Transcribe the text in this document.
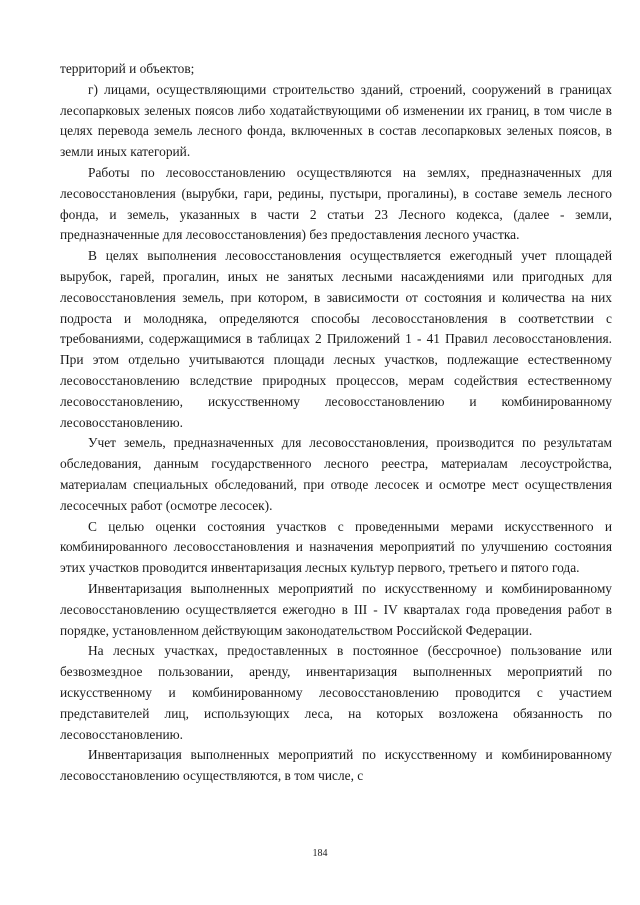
территорий и объектов;

г) лицами, осуществляющими строительство зданий, строений, сооружений в границах лесопарковых зеленых поясов либо ходатайствующими об изменении их границ, в том числе в целях перевода земель лесного фонда, включенных в состав лесопарковых зеленых поясов, в земли иных категорий.

Работы по лесовосстановлению осуществляются на землях, предназначенных для лесовосстановления (вырубки, гари, редины, пустыри, прогалины), в составе земель лесного фонда, и земель, указанных в части 2 статьи 23 Лесного кодекса, (далее - земли, предназначенные для лесовосстановления) без предоставления лесного участка.

В целях выполнения лесовосстановления осуществляется ежегодный учет площадей вырубок, гарей, прогалин, иных не занятых лесными насаждениями или пригодных для лесовосстановления земель, при котором, в зависимости от состояния и количества на них подроста и молодняка, определяются способы лесовосстановления в соответствии с требованиями, содержащимися в таблицах 2 Приложений 1 - 41 Правил лесовосстановления. При этом отдельно учитываются площади лесных участков, подлежащие естественному лесовосстановлению вследствие природных процессов, мерам содействия естественному лесовосстановлению, искусственному лесовосстановлению и комбинированному лесовосстановлению.

Учет земель, предназначенных для лесовосстановления, производится по результатам обследования, данным государственного лесного реестра, материалам лесоустройства, материалам специальных обследований, при отводе лесосек и осмотре мест осуществления лесосечных работ (осмотре лесосек).

С целью оценки состояния участков с проведенными мерами искусственного и комбинированного лесовосстановления и назначения мероприятий по улучшению состояния этих участков проводится инвентаризация лесных культур первого, третьего и пятого года.

Инвентаризация выполненных мероприятий по искусственному и комбинированному лесовосстановлению осуществляется ежегодно в III - IV кварталах года проведения работ в порядке, установленном действующим законодательством Российской Федерации.

На лесных участках, предоставленных в постоянное (бессрочное) пользование или безвозмездное пользовании, аренду, инвентаризация выполненных мероприятий по искусственному и комбинированному лесовосстановлению проводится с участием представителей лиц, использующих леса, на которых возложена обязанность по лесовосстановлению.

Инвентаризация выполненных мероприятий по искусственному и комбинированному лесовосстановлению осуществляются, в том числе, с

184
